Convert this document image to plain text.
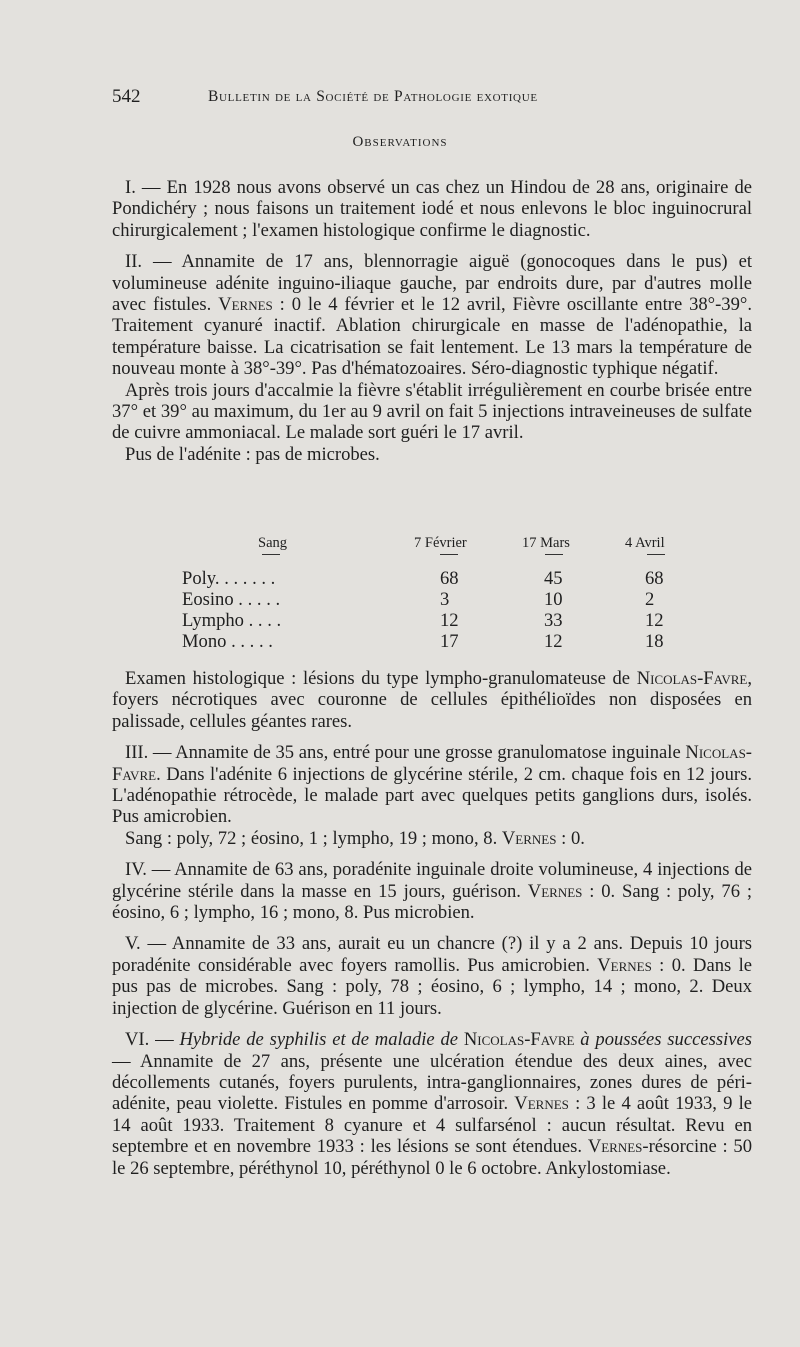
542	Bulletin de la Société de Pathologie exotique
Observations

I. — En 1928 nous avons observé un cas chez un Hindou de 28 ans, originaire de Pondichéry ; nous faisons un traitement iodé et nous enlevons le bloc inguinocrural chirurgicalement ; l'examen histologique confirme le diagnostic.

II. — Annamite de 17 ans, blennorragie aiguë (gonocoques dans le pus) et volumineuse adénite inguino-iliaque gauche, par endroits dure, par d'autres molle avec fistules. Vernes : 0 le 4 février et le 12 avril, Fièvre oscillante entre 38°-39°. Traitement cyanuré inactif. Ablation chirurgicale en masse de l'adénopathie, la température baisse. La cicatrisation se fait lentement. Le 13 mars la température de nouveau monte à 38°-39°. Pas d'hématozoaires. Séro-diagnostic typhique négatif.

Après trois jours d'accalmie la fièvre s'établit irrégulièrement en courbe brisée entre 37° et 39° au maximum, du 1er au 9 avril on fait 5 injections intraveineuses de sulfate de cuivre ammoniacal. Le malade sort guéri le 17 avril.

Pus de l'adénite : pas de microbes.

Sang	7 Février	17 Mars	4 Avril
Poly. . . . . . .	68	45	68
Eosino . . . . .	3	10	2
Lympho . . . .	12	33	12
Mono . . . . .	17	12	18

Examen histologique : lésions du type lympho-granulomateuse de Nicolas-Favre, foyers nécrotiques avec couronne de cellules épithélioïdes non disposées en palissade, cellules géantes rares.

III. — Annamite de 35 ans, entré pour une grosse granulomatose inguinale Nicolas-Favre. Dans l'adénite 6 injections de glycérine stérile, 2 cm. chaque fois en 12 jours. L'adénopathie rétrocède, le malade part avec quelques petits ganglions durs, isolés. Pus amicrobien.

Sang : poly, 72 ; éosino, 1 ; lympho, 19 ; mono, 8. Vernes : 0.

IV. — Annamite de 63 ans, poradénite inguinale droite volumineuse, 4 injections de glycérine stérile dans la masse en 15 jours, guérison. Vernes : 0. Sang : poly, 76 ; éosino, 6 ; lympho, 16 ; mono, 8. Pus microbien.

V. — Annamite de 33 ans, aurait eu un chancre (?) il y a 2 ans. Depuis 10 jours poradénite considérable avec foyers ramollis. Pus amicrobien. Vernes : 0. Dans le pus pas de microbes. Sang : poly, 78 ; éosino, 6 ; lympho, 14 ; mono, 2. Deux injection de glycérine. Guérison en 11 jours.

VI. — Hybride de syphilis et de maladie de Nicolas-Favre à poussées successives — Annamite de 27 ans, présente une ulcération étendue des deux aines, avec décollements cutanés, foyers purulents, intra-ganglionnaires, zones dures de péri-adénite, peau violette. Fistules en pomme d'arrosoir. Vernes : 3 le 4 août 1933, 9 le 14 août 1933. Traitement 8 cyanure et 4 sulfarsénol : aucun résultat. Revu en septembre et en novembre 1933 : les lésions se sont étendues. Vernes-résorcine : 50 le 26 septembre, péréthynol 10, péréthynol 0 le 6 octobre. Ankylostomiase.
